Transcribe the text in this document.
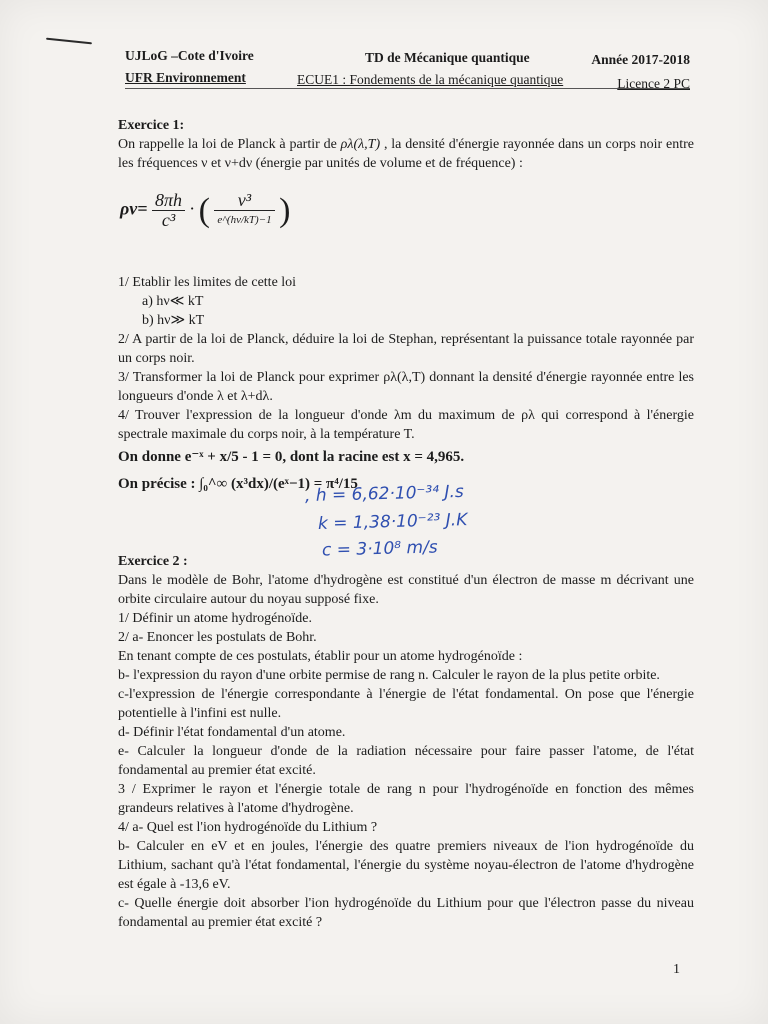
UJLoG –Cote d'Ivoire	TD de Mécanique quantique	Année 2017-2018
UFR Environnement	ECUE1 : Fondements de la mécanique quantique	Licence 2 PC

Exercice 1:

On rappelle la loi de Planck à partir de ρλ(λ,T) , la densité d'énergie rayonnée dans un corps noir entre les fréquences ν et ν+dν (énergie par unités de volume et de fréquence) :

$\rho\nu= \frac{8\pi h}{\text{c³}}$ · ( $\frac{\text{ν³}}{e\^{}(h\nu/kT)-1}$ )

1/ Etablir les limites de cette loi

a) hν≪ kT

b) hν≫ kT

2/ A partir de la loi de Planck, déduire la loi de Stephan, représentant la puissance totale rayonnée par un corps noir.

3/ Transformer la loi de Planck pour exprimer ρλ(λ,T) donnant la densité d'énergie rayonnée entre les longueurs d'onde λ et λ+dλ.

4/ Trouver l'expression de la longueur d'onde λm du maximum de ρλ qui correspond à l'énergie spectrale maximale du corps noir, à la température T.

On donne e⁻ˣ + x/5 - 1 = 0, dont la racine est x = 4,965.

On précise : ∫₀^∞ (x³dx)/(eˣ−1) = π⁴/15

Exercice 2 :

Dans le modèle de Bohr, l'atome d'hydrogène est constitué d'un électron de masse m décrivant une orbite circulaire autour du noyau supposé fixe.

1/ Définir un atome hydrogénoïde.

2/ a- Enoncer les postulats de Bohr.

En tenant compte de ces postulats, établir pour un atome hydrogénoïde :

b- l'expression du rayon d'une orbite permise de rang n. Calculer le rayon de la plus petite orbite.

c-l'expression de l'énergie correspondante à l'énergie de l'état fondamental. On pose que l'énergie potentielle à l'infini est nulle.

d- Définir l'état fondamental d'un atome.

e- Calculer la longueur d'onde de la radiation nécessaire pour faire passer l'atome, de l'état fondamental au premier état excité.

3 / Exprimer le rayon et l'énergie totale de rang n pour l'hydrogénoïde en fonction des mêmes grandeurs relatives à l'atome d'hydrogène.

4/ a- Quel est l'ion hydrogénoïde du Lithium ?

b- Calculer en eV et en joules, l'énergie des quatre premiers niveaux de l'ion hydrogénoïde du Lithium, sachant qu'à l'état fondamental, l'énergie du système noyau-électron de l'atome d'hydrogène est égale à -13,6 eV.

c- Quelle énergie doit absorber l'ion hydrogénoïde du Lithium pour que l'électron passe du niveau fondamental au premier état excité ?

, h = 6,62·10⁻³⁴ J.s
k = 1,38·10⁻²³ J.K
c = 3·10⁸ m/s
1
